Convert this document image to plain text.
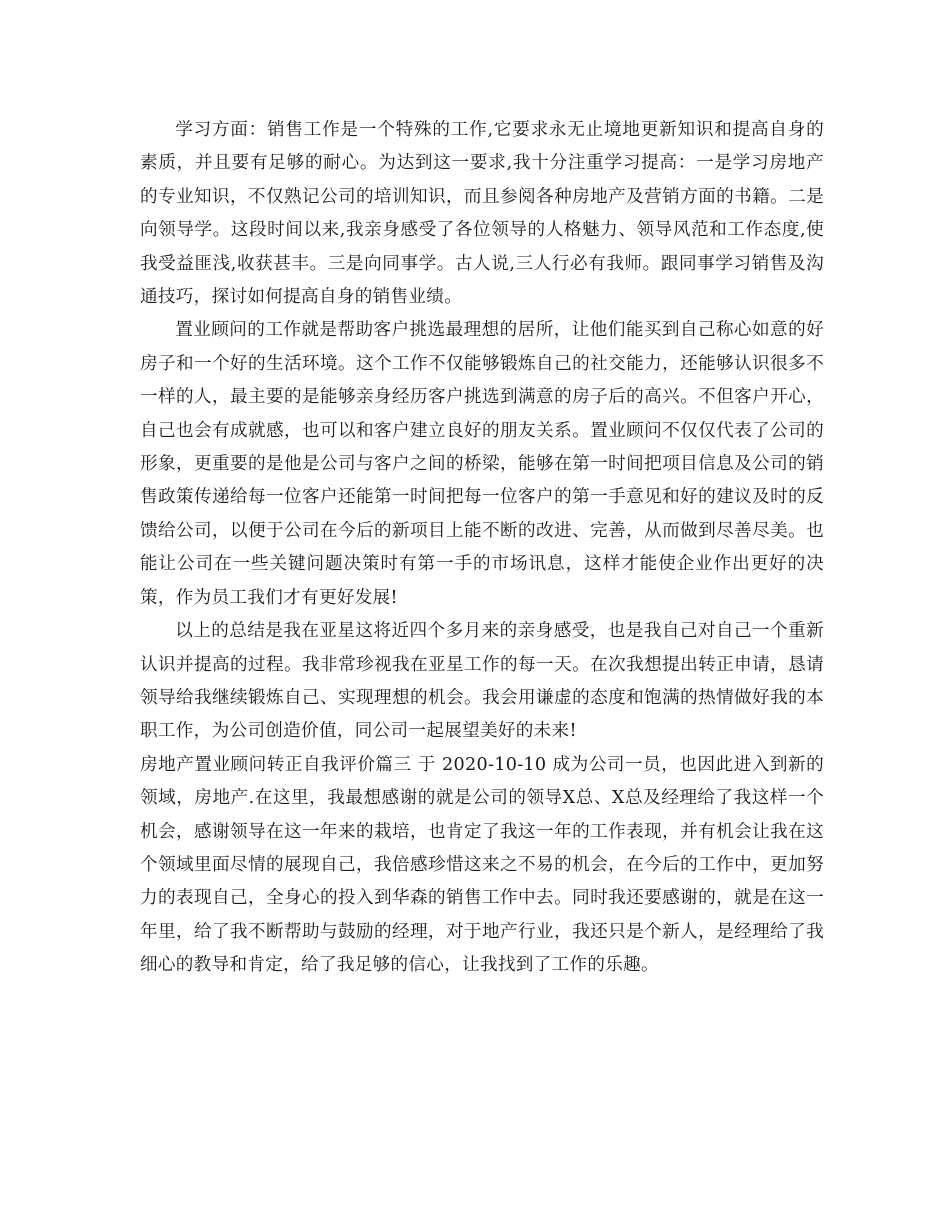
学习方面：销售工作是一个特殊的工作,它要求永无止境地更新知识和提高自身的素质，并且要有足够的耐心。为达到这一要求,我十分注重学习提高：一是学习房地产的专业知识，不仅熟记公司的培训知识，而且参阅各种房地产及营销方面的书籍。二是向领导学。这段时间以来,我亲身感受了各位领导的人格魅力、领导风范和工作态度,使我受益匪浅,收获甚丰。三是向同事学。古人说,三人行必有我师。跟同事学习销售及沟通技巧，探讨如何提高自身的销售业绩。

置业顾问的工作就是帮助客户挑选最理想的居所，让他们能买到自己称心如意的好房子和一个好的生活环境。这个工作不仅能够锻炼自己的社交能力，还能够认识很多不一样的人，最主要的是能够亲身经历客户挑选到满意的房子后的高兴。不但客户开心，自己也会有成就感，也可以和客户建立良好的朋友关系。置业顾问不仅仅代表了公司的形象，更重要的是他是公司与客户之间的桥梁，能够在第一时间把项目信息及公司的销售政策传递给每一位客户还能第一时间把每一位客户的第一手意见和好的建议及时的反馈给公司，以便于公司在今后的新项目上能不断的改进、完善，从而做到尽善尽美。也能让公司在一些关键问题决策时有第一手的市场讯息，这样才能使企业作出更好的决策，作为员工我们才有更好发展!

以上的总结是我在亚星这将近四个多月来的亲身感受，也是我自己对自己一个重新认识并提高的过程。我非常珍视我在亚星工作的每一天。在次我想提出转正申请，恳请领导给我继续锻炼自己、实现理想的机会。我会用谦虚的态度和饱满的热情做好我的本职工作，为公司创造价值，同公司一起展望美好的未来!

房地产置业顾问转正自我评价篇三 于 2020-10-10 成为公司一员，也因此进入到新的领域，房地产.在这里，我最想感谢的就是公司的领导X总、X总及经理给了我这样一个机会，感谢领导在这一年来的栽培，也肯定了我这一年的工作表现，并有机会让我在这个领域里面尽情的展现自己，我倍感珍惜这来之不易的机会，在今后的工作中，更加努力的表现自己，全身心的投入到华森的销售工作中去。同时我还要感谢的，就是在这一年里，给了我不断帮助与鼓励的经理，对于地产行业，我还只是个新人，是经理给了我细心的教导和肯定，给了我足够的信心，让我找到了工作的乐趣。
